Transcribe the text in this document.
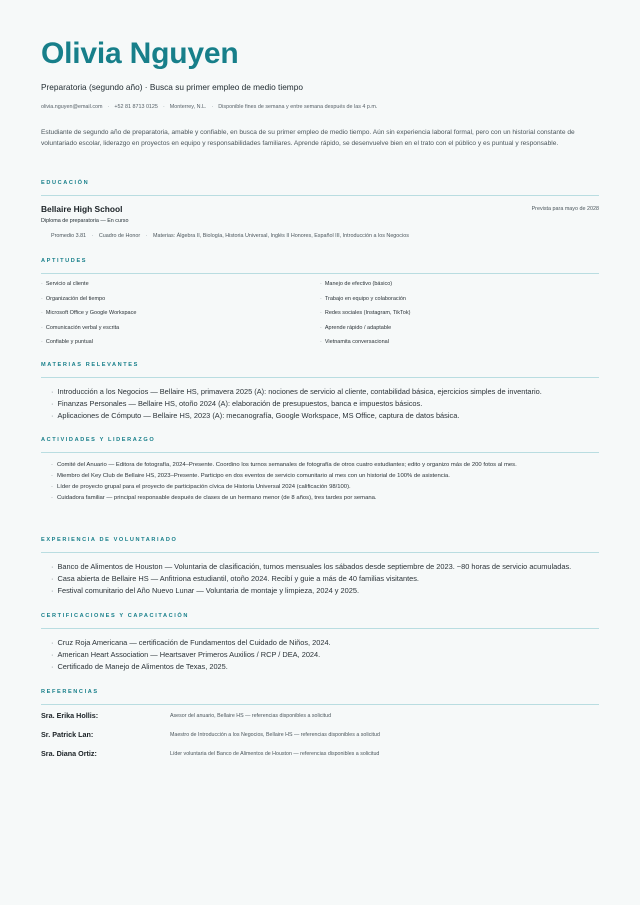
Olivia Nguyen
Preparatoria (segundo año) · Busca su primer empleo de medio tiempo
olivia.nguyen@email.com · +52 81 8713 0125 · Monterrey, N.L. · Disponible fines de semana y entre semana después de las 4 p.m.

Estudiante de segundo año de preparatoria, amable y confiable, en busca de su primer empleo de medio tiempo. Aún sin experiencia laboral formal, pero con un historial constante de voluntariado escolar, liderazgo en proyectos en equipo y responsabilidades familiares. Aprende rápido, se desenvuelve bien en el trato con el público y es puntual y responsable.

EDUCACIÓN
Bellaire High School	Prevista para mayo de 2028
Diploma de preparatoria — En curso
Promedio 3.81 · Cuadro de Honor · Materias: Álgebra II, Biología, Historia Universal, Inglés II Honores, Español III, Introducción a los Negocios
APTITUDES
· Servicio al cliente	· Manejo de efectivo (básico)
· Organización del tiempo	· Trabajo en equipo y colaboración
· Microsoft Office y Google Workspace	· Redes sociales (Instagram, TikTok)
· Comunicación verbal y escrita	· Aprende rápido / adaptable
· Confiable y puntual	· Vietnamita conversacional
MATERIAS RELEVANTES
· Introducción a los Negocios — Bellaire HS, primavera 2025 (A): nociones de servicio al cliente, contabilidad básica, ejercicios simples de inventario.
· Finanzas Personales — Bellaire HS, otoño 2024 (A): elaboración de presupuestos, banca e impuestos básicos.
· Aplicaciones de Cómputo — Bellaire HS, 2023 (A): mecanografía, Google Workspace, MS Office, captura de datos básica.
ACTIVIDADES Y LIDERAZGO
· Comité del Anuario — Editora de fotografía, 2024–Presente. Coordino los turnos semanales de fotografía de otros cuatro estudiantes; edito y organizo más de 200 fotos al mes.
· Miembro del Key Club de Bellaire HS, 2023–Presente. Participo en dos eventos de servicio comunitario al mes con un historial de 100% de asistencia.
· Líder de proyecto grupal para el proyecto de participación cívica de Historia Universal 2024 (calificación 98/100).
· Cuidadora familiar — principal responsable después de clases de un hermano menor (de 8 años), tres tardes por semana.
EXPERIENCIA DE VOLUNTARIADO
· Banco de Alimentos de Houston — Voluntaria de clasificación, turnos mensuales los sábados desde septiembre de 2023. ~80 horas de servicio acumuladas.
· Casa abierta de Bellaire HS — Anfitriona estudiantil, otoño 2024. Recibí y guie a más de 40 familias visitantes.
· Festival comunitario del Año Nuevo Lunar — Voluntaria de montaje y limpieza, 2024 y 2025.
CERTIFICACIONES Y CAPACITACIÓN
· Cruz Roja Americana — certificación de Fundamentos del Cuidado de Niños, 2024.
· American Heart Association — Heartsaver Primeros Auxilios / RCP / DEA, 2024.
· Certificado de Manejo de Alimentos de Texas, 2025.
REFERENCIAS
Sra. Erika Hollis:	Asesor del anuario, Bellaire HS — referencias disponibles a solicitud
Sr. Patrick Lan:	Maestro de Introducción a los Negocios, Bellaire HS — referencias disponibles a solicitud
Sra. Diana Ortiz:	Líder voluntaria del Banco de Alimentos de Houston — referencias disponibles a solicitud
